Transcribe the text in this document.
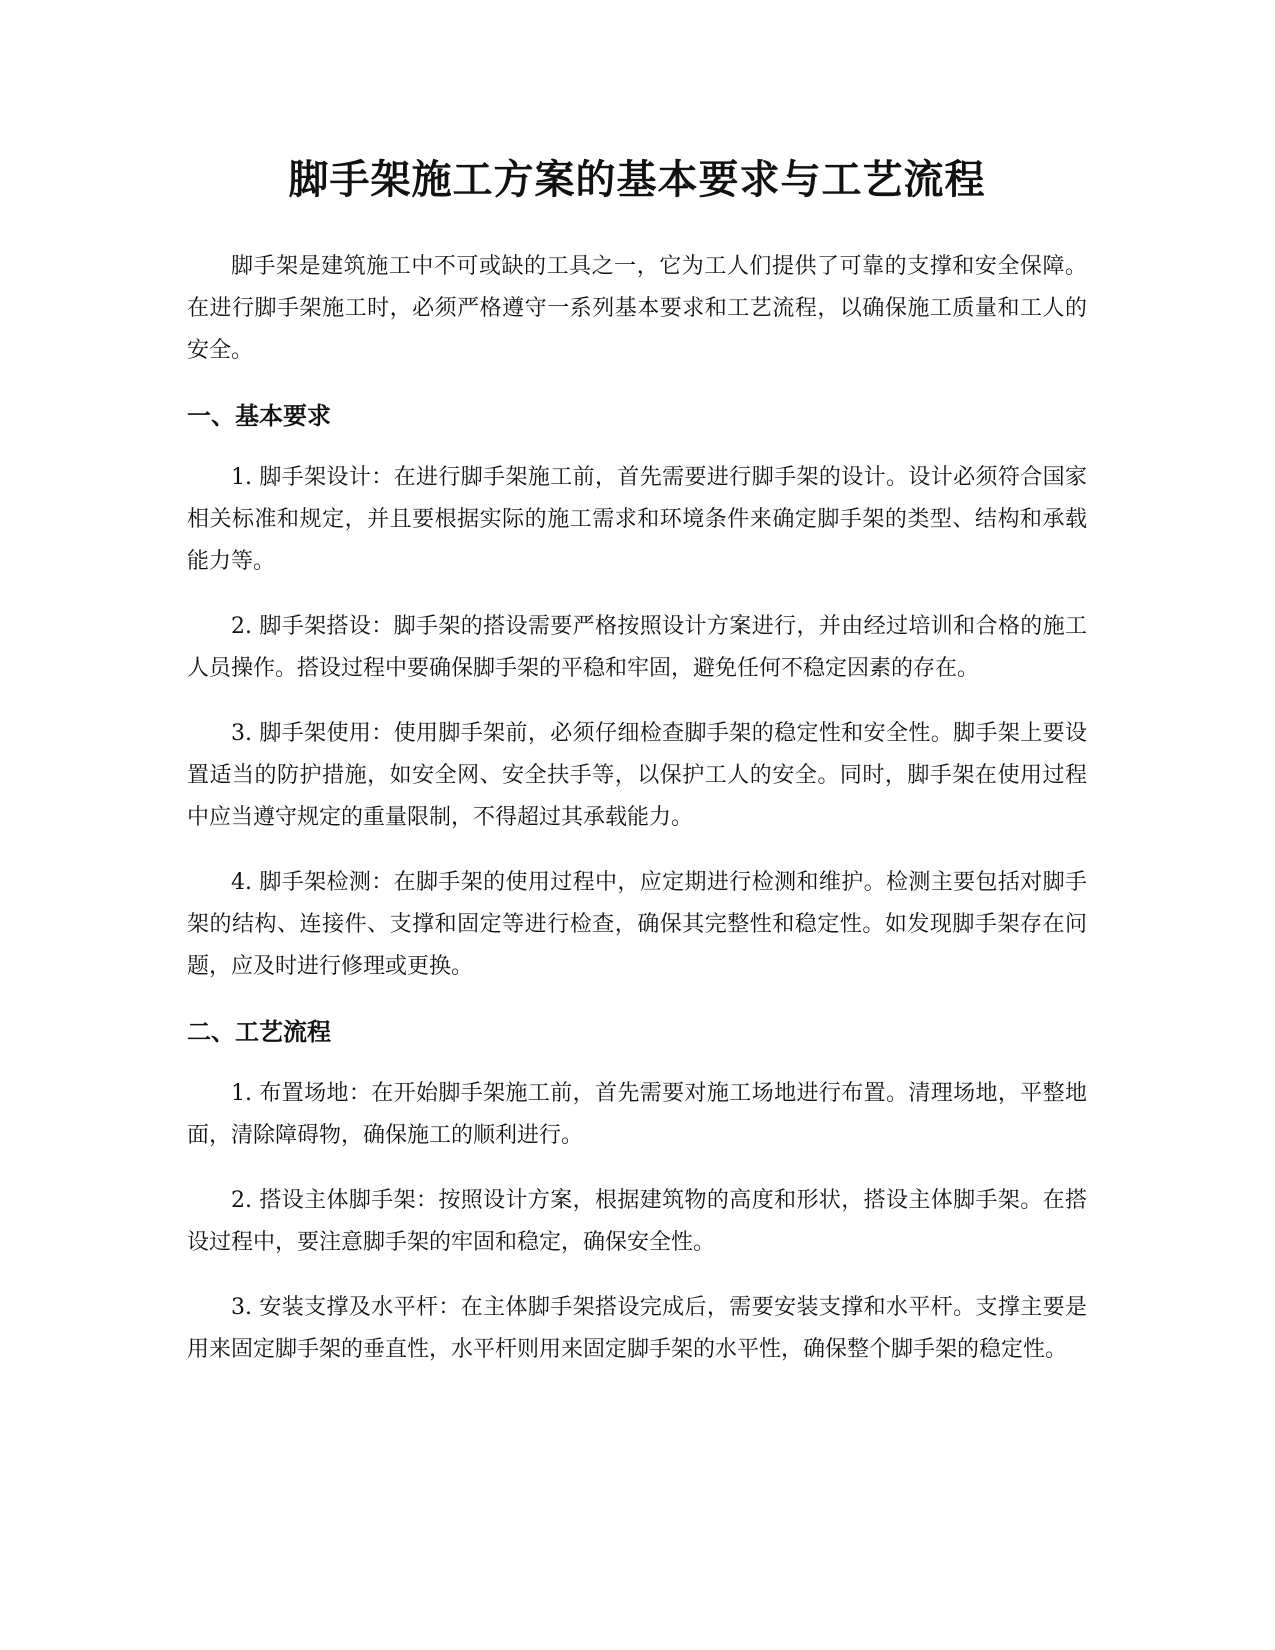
脚手架施工方案的基本要求与工艺流程

脚手架是建筑施工中不可或缺的工具之一，它为工人们提供了可靠的支撑和安全保障。在进行脚手架施工时，必须严格遵守一系列基本要求和工艺流程，以确保施工质量和工人的安全。

一、基本要求

1. 脚手架设计：在进行脚手架施工前，首先需要进行脚手架的设计。设计必须符合国家相关标准和规定，并且要根据实际的施工需求和环境条件来确定脚手架的类型、结构和承载能力等。

2. 脚手架搭设：脚手架的搭设需要严格按照设计方案进行，并由经过培训和合格的施工人员操作。搭设过程中要确保脚手架的平稳和牢固，避免任何不稳定因素的存在。

3. 脚手架使用：使用脚手架前，必须仔细检查脚手架的稳定性和安全性。脚手架上要设置适当的防护措施，如安全网、安全扶手等，以保护工人的安全。同时，脚手架在使用过程中应当遵守规定的重量限制，不得超过其承载能力。

4. 脚手架检测：在脚手架的使用过程中，应定期进行检测和维护。检测主要包括对脚手架的结构、连接件、支撑和固定等进行检查，确保其完整性和稳定性。如发现脚手架存在问题，应及时进行修理或更换。

二、工艺流程

1. 布置场地：在开始脚手架施工前，首先需要对施工场地进行布置。清理场地，平整地面，清除障碍物，确保施工的顺利进行。

2. 搭设主体脚手架：按照设计方案，根据建筑物的高度和形状，搭设主体脚手架。在搭设过程中，要注意脚手架的牢固和稳定，确保安全性。

3. 安装支撑及水平杆：在主体脚手架搭设完成后，需要安装支撑和水平杆。支撑主要是用来固定脚手架的垂直性，水平杆则用来固定脚手架的水平性，确保整个脚手架的稳定性。
